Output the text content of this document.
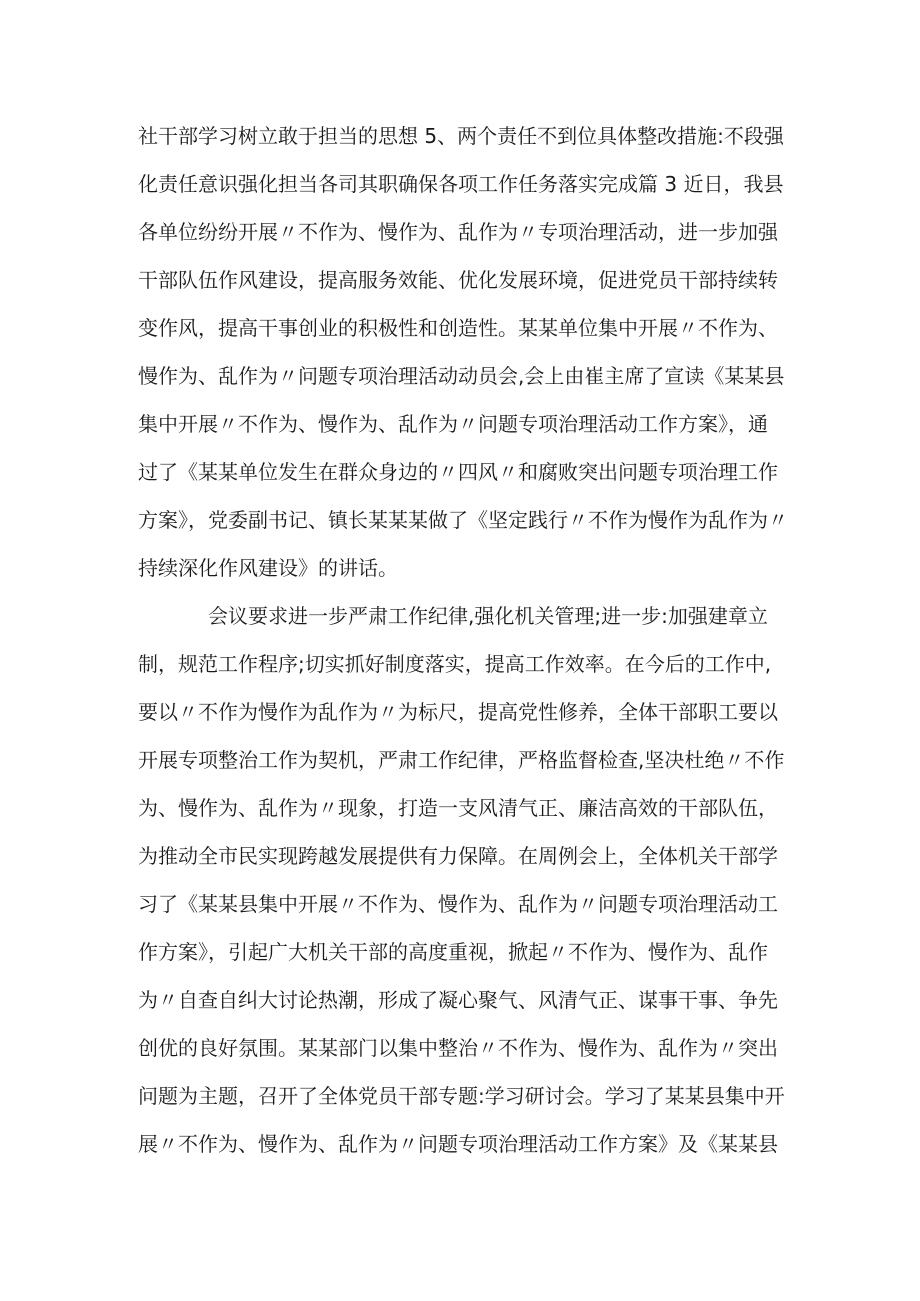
社干部学习树立敢于担当的思想 5、两个责任不到位具体整改措施:不段强
化责任意识强化担当各司其职确保各项工作任务落实完成篇 3 近日，我县
各单位纷纷开展〃不作为、慢作为、乱作为〃专项治理活动，进一步加强
干部队伍作风建设，提高服务效能、优化发展环境，促进党员干部持续转
变作风，提高干事创业的积极性和创造性。某某单位集中开展〃不作为、
慢作为、乱作为〃问题专项治理活动动员会,会上由崔主席了宣读《某某县
集中开展〃不作为、慢作为、乱作为〃问题专项治理活动工作方案》，通
过了《某某单位发生在群众身边的〃四风〃和腐败突出问题专项治理工作
方案》，党委副书记、镇长某某某做了《坚定践行〃不作为慢作为乱作为〃
持续深化作风建设》的讲话。
会议要求进一步严肃工作纪律,强化机关管理;进一步:加强建章立
制，规范工作程序;切实抓好制度落实，提高工作效率。在今后的工作中,
要以〃不作为慢作为乱作为〃为标尺，提高党性修养，全体干部职工要以
开展专项整治工作为契机，严肃工作纪律，严格监督检查,坚决杜绝〃不作
为、慢作为、乱作为〃现象，打造一支风清气正、廉洁高效的干部队伍，
为推动全市民实现跨越发展提供有力保障。在周例会上，全体机关干部学
习了《某某县集中开展〃不作为、慢作为、乱作为〃问题专项治理活动工
作方案》，引起广大机关干部的高度重视，掀起〃不作为、慢作为、乱作
为〃自查自纠大讨论热潮，形成了凝心聚气、风清气正、谋事干事、争先
创优的良好氛围。某某部门以集中整治〃不作为、慢作为、乱作为〃突出
问题为主题，召开了全体党员干部专题:学习研讨会。学习了某某县集中开
展〃不作为、慢作为、乱作为〃问题专项治理活动工作方案》及《某某县
